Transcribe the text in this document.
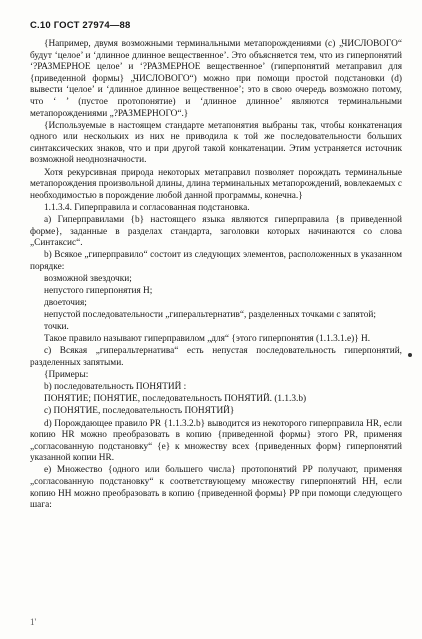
С.10 ГОСТ 27974—88

{Например, двумя возможными терминальными метапорождениями (с) „ЧИСЛОВОГО“ будут ‘целое’ и ‘длинное длинное вещественное’. Это объясняется тем, что из гиперпонятий ‘?РАЗМЕРНОЕ целое’ и ‘?РАЗМЕРНОЕ вещественное’ (гиперпонятий метаправил для {приведенной формы} „ЧИСЛОВОГО“) можно при помощи простой подстановки (d) вывести ‘целое’ и ‘длинное длинное вещественное’; это в свою очередь возможно потому, что ‘ ’ (пустое протопонятие) и ‘длинное длинное’ являются терминальными метапорождениями „?РАЗМЕРНОГО“.}

{Используемые в настоящем стандарте метапонятия выбраны так, чтобы конкатенация одного или нескольких из них не приводила к той же последовательности больших синтаксических знаков, что и при другой такой конкатенации. Этим устраняется источник возможной неоднозначности.

Хотя рекурсивная природа некоторых метаправил позволяет порождать терминальные метапорождения произвольной длины, длина терминальных метапорождений, вовлекаемых с необходимостью в порождение любой данной программы, конечна.}

1.1.3.4. Гиперправила и согласованная подстановка.

a) Гиперправилами {b} настоящего языка являются гиперправила {в приведенной форме}, заданные в разделах стандарта, заголовки которых начинаются со слова „Синтаксис“.

b) Всякое „гиперправило“ состоит из следующих элементов, расположенных в указанном порядке:

возможной звездочки;

непустого гиперпонятия Н;

двоеточия;

непустой последовательности „гиперальтернатив“, разделенных точками с запятой;

точки.

Такое правило называют гиперправилом „для“ {этого гиперпонятия (1.1.3.1.е)} Н.

c) Всякая „гиперальтернатива“ есть непустая последовательность гиперпонятий, разделенных запятыми.

{Примеры:

b) последовательность ПОНЯТИЙ :

ПОНЯТИЕ; ПОНЯТИЕ, последовательность ПОНЯТИЙ. (1.1.3.b)

c) ПОНЯТИЕ, последовательность ПОНЯТИЙ}

d) Порождающее правило PR {1.1.3.2.b} выводится из некоторого гиперправила HR, если копию HR можно преобразовать в копию {приведенной формы} этого PR, применяя „согласованную подстановку“ {е} к множеству всех {приведенных форм} гиперпонятий указанной копии HR.

e) Множество {одного или большего числа} протопонятий PP получают, применяя „согласованную подстановку“ к соответствующему множеству гиперпонятий НН, если копию НН можно преобразовать в копию {приведенной формы} PP при помощи следующего шага:

1'
